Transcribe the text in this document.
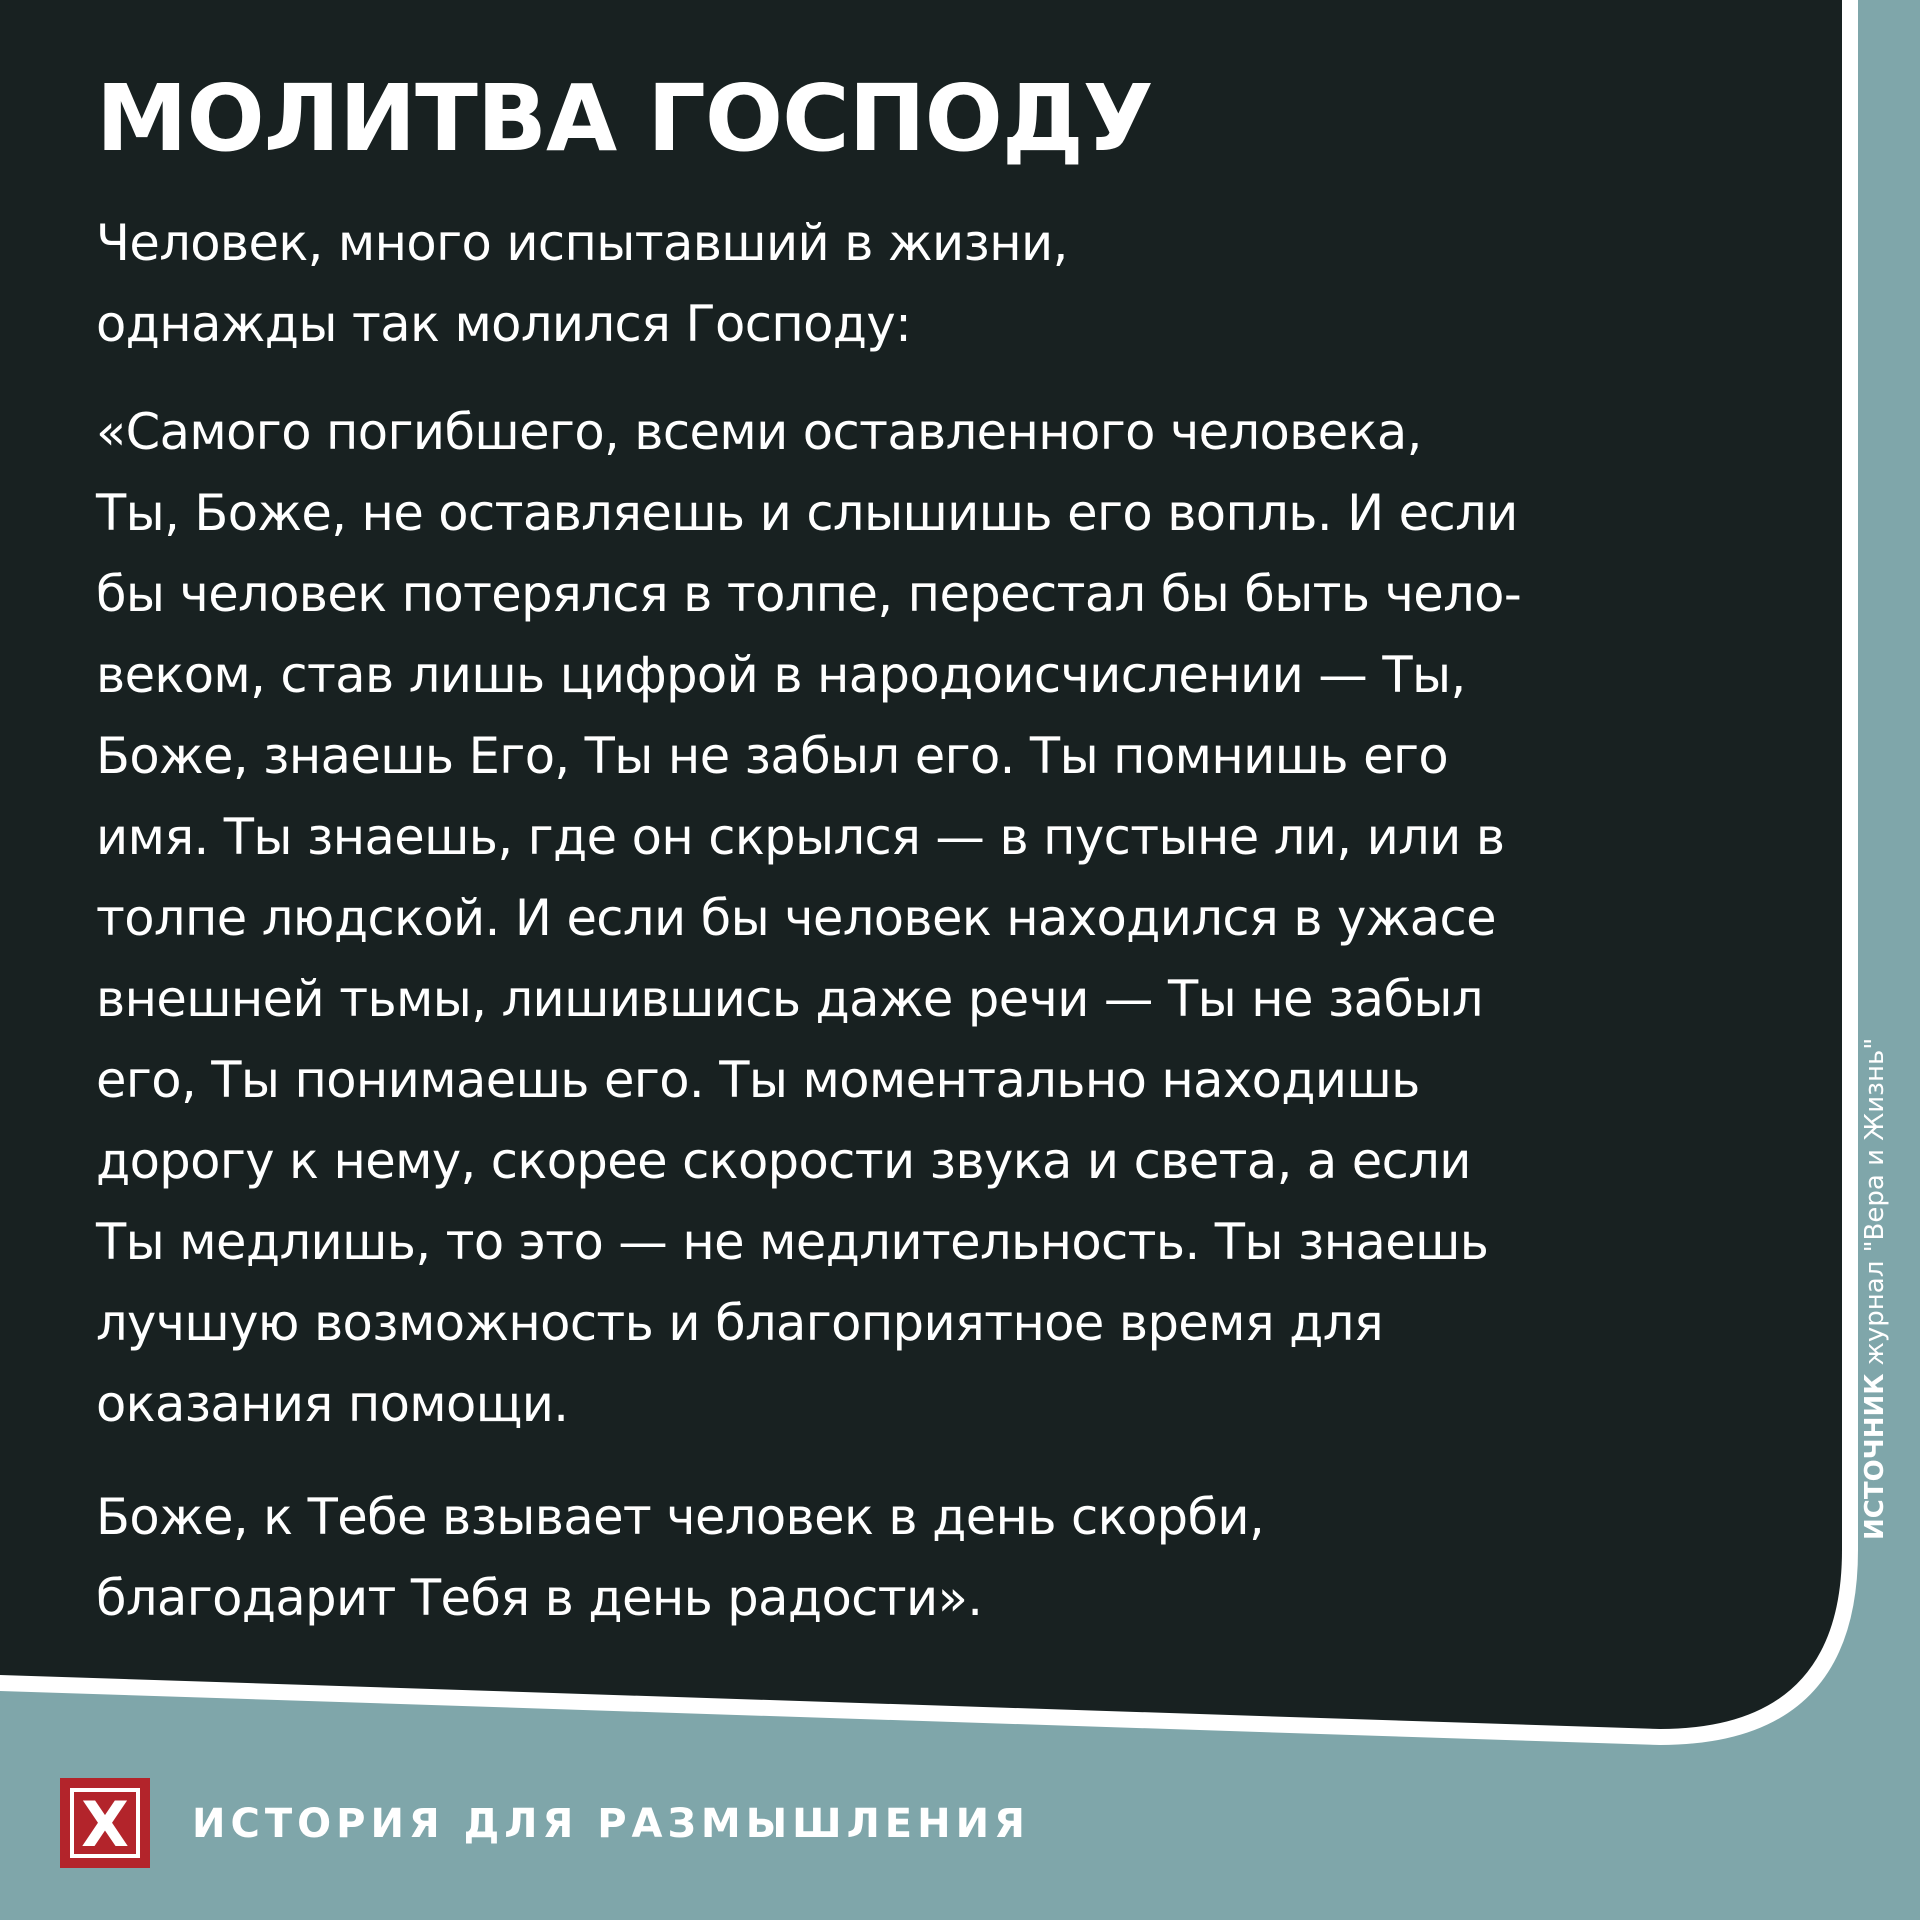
МОЛИТВА ГОСПОДУ
Человек, много испытавший в жизни,
однажды так молился Господу:
«Самого погибшего, всеми оставленного человека,
Ты, Боже, не оставляешь и слышишь его вопль. И если
бы человек потерялся в толпе, перестал бы быть чело-
веком, став лишь цифрой в народоисчислении — Ты,
Боже, знаешь Его, Ты не забыл его. Ты помнишь его
имя. Ты знаешь, где он скрылся — в пустыне ли, или в
толпе людской. И если бы человек находился в ужасе
внешней тьмы, лишившись даже речи — Ты не забыл
его, Ты понимаешь его. Ты моментально находишь
дорогу к нему, скорее скорости звука и света, а если
Ты медлишь, то это — не медлительность. Ты знаешь
лучшую возможность и благоприятное время для
оказания помощи.
Боже, к Тебе взывает человек в день скорби,
благодарит Тебя в день радости».
ИСТОЧНИКжурнал "Вера и Жизнь"
X ИСТОРИЯ ДЛЯ РАЗМЫШЛЕНИЯ
